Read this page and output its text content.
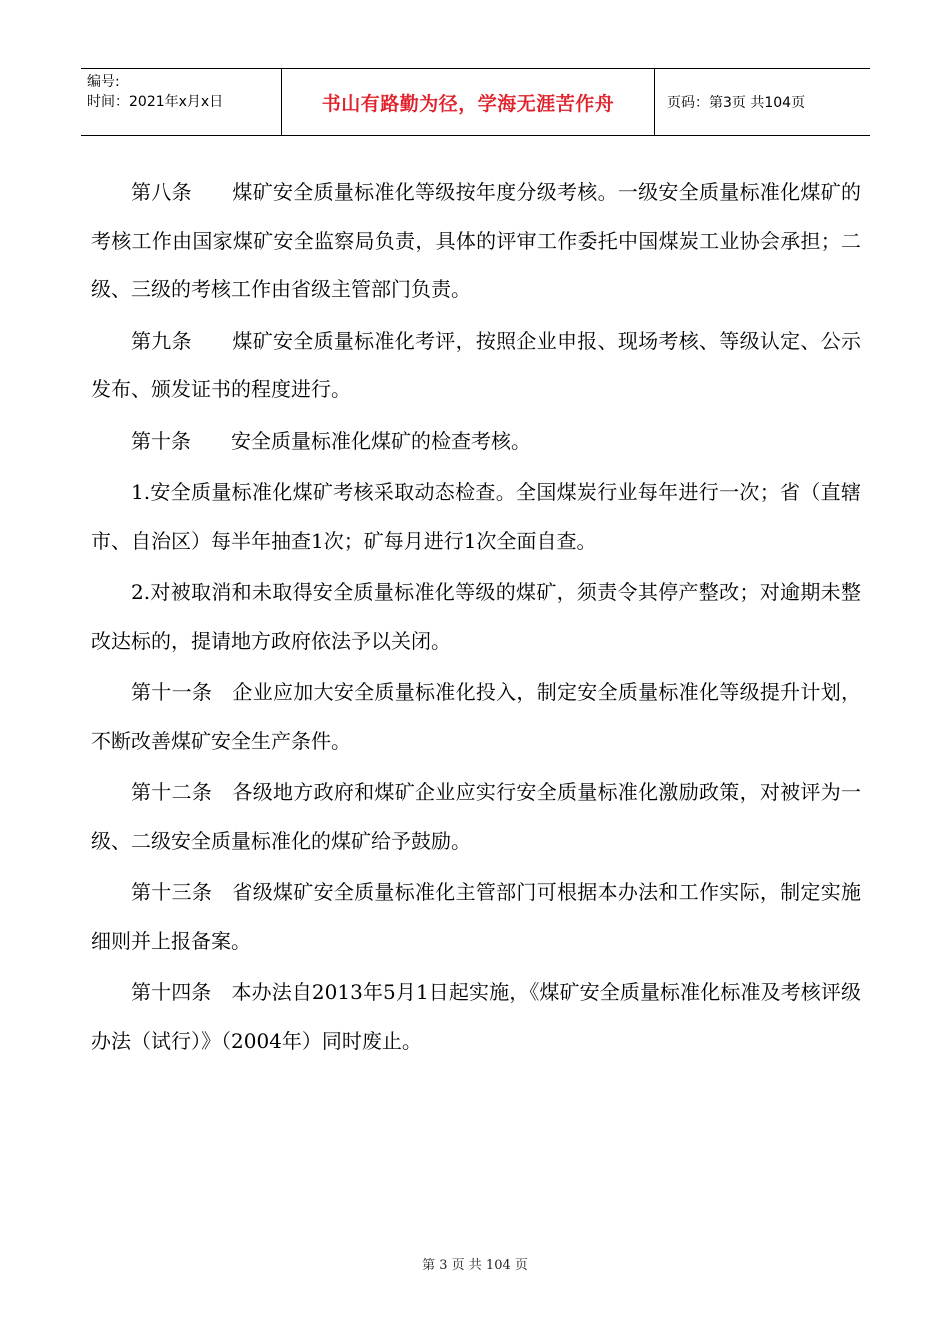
编号:
时间：2021年x月x日	书山有路勤为径，学海无涯苦作舟	页码：第3页 共104页

第八条　　煤矿安全质量标准化等级按年度分级考核。一级安全质量标准化煤矿的考核工作由国家煤矿安全监察局负责，具体的评审工作委托中国煤炭工业协会承担；二级、三级的考核工作由省级主管部门负责。

第九条　　煤矿安全质量标准化考评，按照企业申报、现场考核、等级认定、公示发布、颁发证书的程度进行。

第十条　　安全质量标准化煤矿的检查考核。

1.安全质量标准化煤矿考核采取动态检查。全国煤炭行业每年进行一次；省（直辖市、自治区）每半年抽查1次；矿每月进行1次全面自查。

2.对被取消和未取得安全质量标准化等级的煤矿，须责令其停产整改；对逾期未整改达标的，提请地方政府依法予以关闭。

第十一条　企业应加大安全质量标准化投入，制定安全质量标准化等级提升计划，不断改善煤矿安全生产条件。

第十二条　各级地方政府和煤矿企业应实行安全质量标准化激励政策，对被评为一级、二级安全质量标准化的煤矿给予鼓励。

第十三条　省级煤矿安全质量标准化主管部门可根据本办法和工作实际，制定实施细则并上报备案。

第十四条　本办法自2013年5月1日起实施，《煤矿安全质量标准化标准及考核评级办法（试行）》（2004年）同时废止。

第 3 页 共 104 页
